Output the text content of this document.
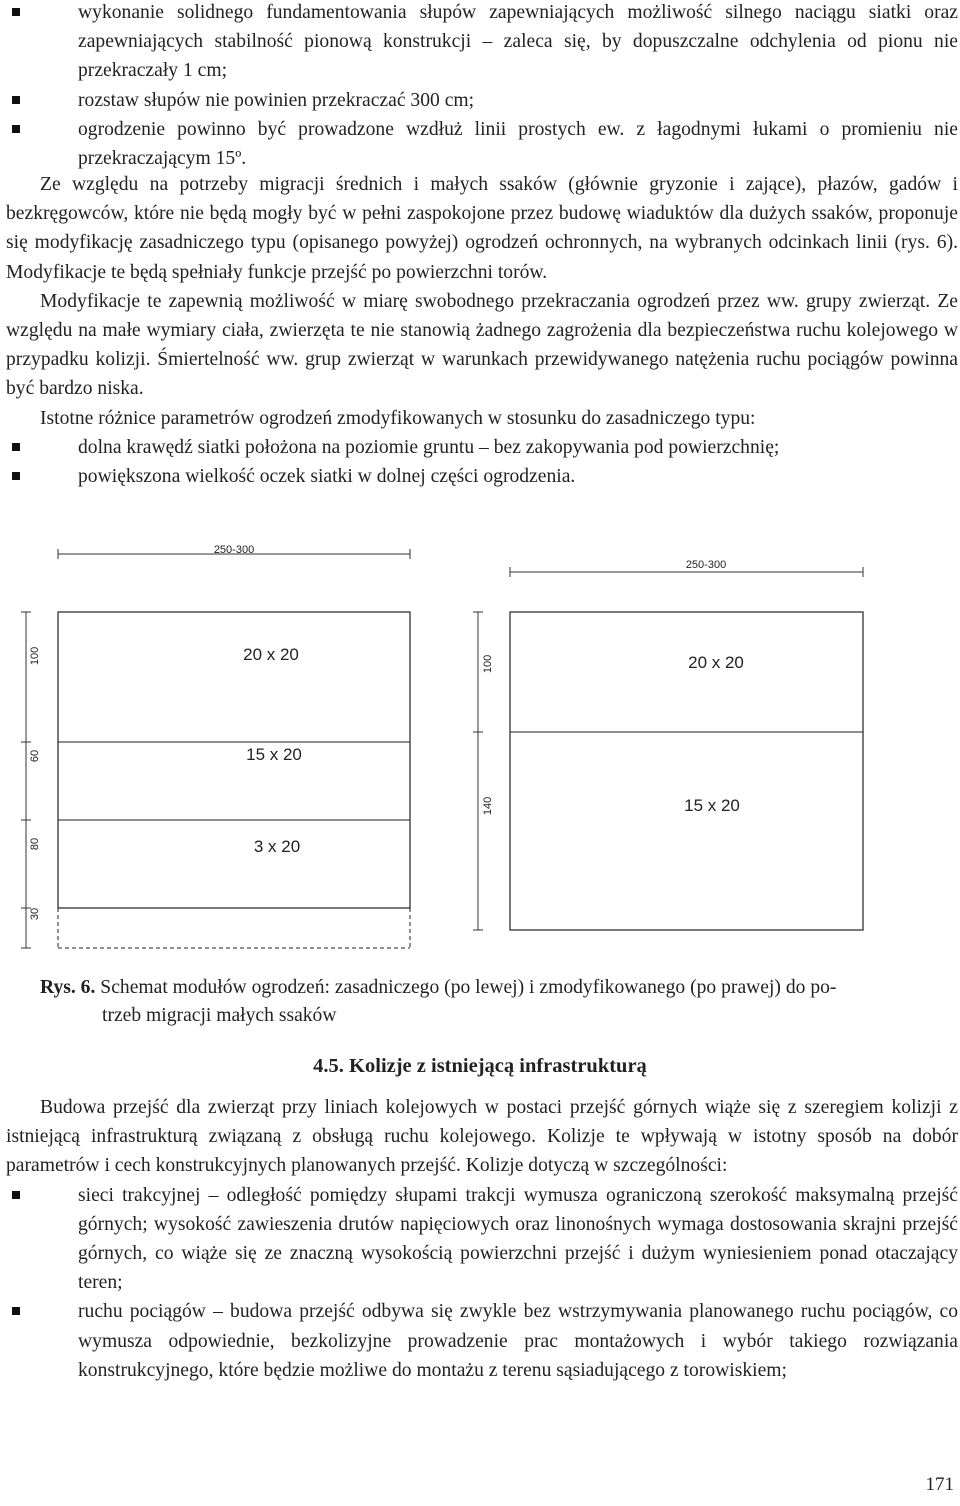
wykonanie solidnego fundamentowania słupów zapewniających możliwość silnego naciągu siatki oraz zapewniających stabilność pionową konstrukcji – zaleca się, by dopuszczalne odchylenia od pionu nie przekraczały 1 cm;
rozstaw słupów nie powinien przekraczać 300 cm;
ogrodzenie powinno być prowadzone wzdłuż linii prostych ew. z łagodnymi łukami o promieniu nie przekraczającym 15º.

Ze względu na potrzeby migracji średnich i małych ssaków (głównie gryzonie i zające), płazów, gadów i bezkręgowców, które nie będą mogły być w pełni zaspokojone przez budowę wiaduktów dla dużych ssaków, proponuje się modyfikację zasadniczego typu (opisanego powyżej) ogrodzeń ochronnych, na wybranych odcinkach linii (rys. 6). Modyfikacje te będą spełniały funkcje przejść po powierzchni torów.

Modyfikacje te zapewnią możliwość w miarę swobodnego przekraczania ogrodzeń przez ww. grupy zwierząt. Ze względu na małe wymiary ciała, zwierzęta te nie stanowią żadnego zagrożenia dla bezpieczeństwa ruchu kolejowego w przypadku kolizji. Śmiertelność ww. grup zwierząt w warunkach przewidywanego natężenia ruchu pociągów powinna być bardzo niska.

Istotne różnice parametrów ogrodzeń zmodyfikowanych w stosunku do zasadniczego typu:

dolna krawędź siatki położona na poziomie gruntu – bez zakopywania pod powierzchnię;
powiększona wielkość oczek siatki w dolnej części ogrodzenia.
250-300
100
60
80
30
20 x 20
15 x 20
3 x 20
250-300
100
140
20 x 20
15 x 20
Rys. 6. Schemat modułów ogrodzeń: zasadniczego (po lewej) i zmodyfikowanego (po prawej) do po-
trzeb migracji małych ssaków
4.5. Kolizje z istniejącą infrastrukturą

Budowa przejść dla zwierząt przy liniach kolejowych w postaci przejść górnych wiąże się z szeregiem kolizji z istniejącą infrastrukturą związaną z obsługą ruchu kolejowego. Kolizje te wpływają w istotny sposób na dobór parametrów i cech konstrukcyjnych planowanych przejść. Kolizje dotyczą w szczególności:

sieci trakcyjnej – odległość pomiędzy słupami trakcji wymusza ograniczoną szerokość maksymalną przejść górnych; wysokość zawieszenia drutów napięciowych oraz linonośnych wymaga dostosowania skrajni przejść górnych, co wiąże się ze znaczną wysokością powierzchni przejść i dużym wyniesieniem ponad otaczający teren;
ruchu pociągów – budowa przejść odbywa się zwykle bez wstrzymywania planowanego ruchu pociągów, co wymusza odpowiednie, bezkolizyjne prowadzenie prac montażowych i wybór takiego rozwiązania konstrukcyjnego, które będzie możliwe do montażu z terenu sąsiadującego z torowiskiem;
171
